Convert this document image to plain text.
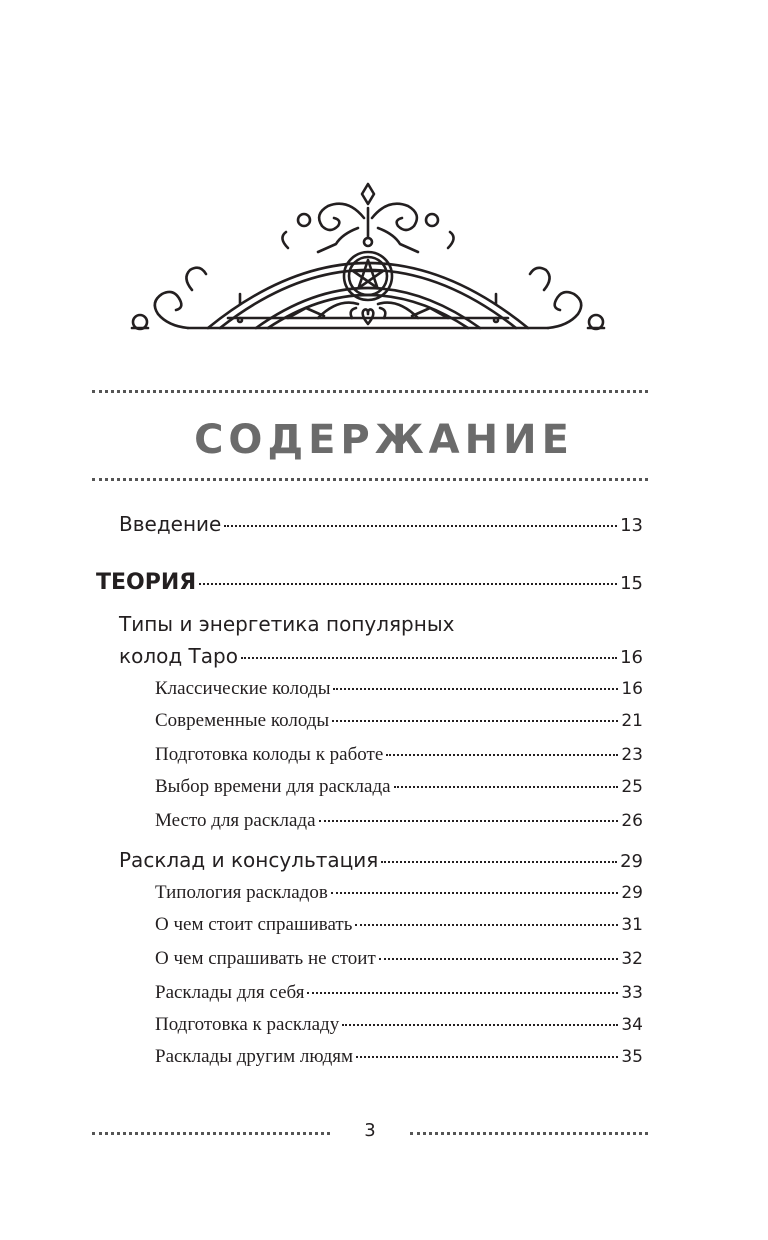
СОДЕРЖАНИЕ
Введение	13
ТЕОРИЯ	15
Типы и энергетика популярных
колод Таро	16
Классические колоды	16
Современные колоды	21
Подготовка колоды к работе	23
Выбор времени для расклада	25
Место для расклада	26
Расклад и консультация	29
Типология раскладов	29
О чем стоит спрашивать	31
О чем спрашивать не стоит	32
Расклады для себя	33
Подготовка к раскладу	34
Расклады другим людям	35
3
